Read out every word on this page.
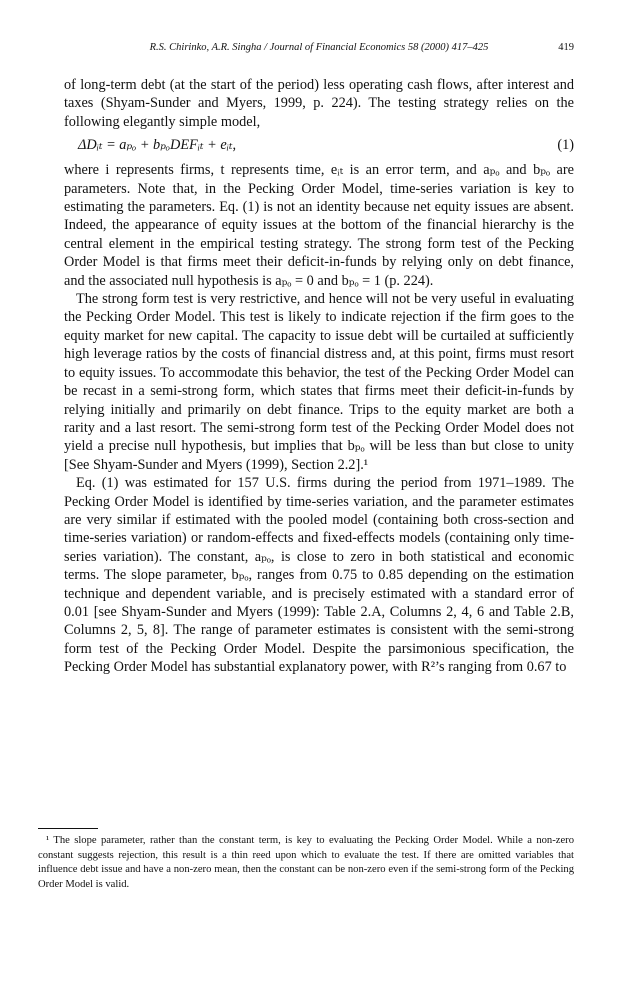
R.S. Chirinko, A.R. Singha / Journal of Financial Economics 58 (2000) 417–425	419

of long-term debt (at the start of the period) less operating cash flows, after interest and taxes (Shyam-Sunder and Myers, 1999, p. 224). The testing strategy relies on the following elegantly simple model,

ΔDᵢₜ = aₚₒ + bₚₒDEFᵢₜ + eᵢₜ,	(1)

where i represents firms, t represents time, eᵢₜ is an error term, and aₚₒ and bₚₒ are parameters. Note that, in the Pecking Order Model, time-series variation is key to estimating the parameters. Eq. (1) is not an identity because net equity issues are absent. Indeed, the appearance of equity issues at the bottom of the financial hierarchy is the central element in the empirical testing strategy. The strong form test of the Pecking Order Model is that firms meet their deficit-in-funds by relying only on debt finance, and the associated null hypothesis is aₚₒ = 0 and bₚₒ = 1 (p. 224).

The strong form test is very restrictive, and hence will not be very useful in evaluating the Pecking Order Model. This test is likely to indicate rejection if the firm goes to the equity market for new capital. The capacity to issue debt will be curtailed at sufficiently high leverage ratios by the costs of financial distress and, at this point, firms must resort to equity issues. To accommodate this behavior, the test of the Pecking Order Model can be recast in a semi-strong form, which states that firms meet their deficit-in-funds by relying initially and primarily on debt finance. Trips to the equity market are both a rarity and a last resort. The semi-strong form test of the Pecking Order Model does not yield a precise null hypothesis, but implies that bₚₒ will be less than but close to unity [See Shyam-Sunder and Myers (1999), Section 2.2].¹

Eq. (1) was estimated for 157 U.S. firms during the period from 1971–1989. The Pecking Order Model is identified by time-series variation, and the parameter estimates are very similar if estimated with the pooled model (containing both cross-section and time-series variation) or random-effects and fixed-effects models (containing only time-series variation). The constant, aₚₒ, is close to zero in both statistical and economic terms. The slope parameter, bₚₒ, ranges from 0.75 to 0.85 depending on the estimation technique and dependent variable, and is precisely estimated with a standard error of 0.01 [see Shyam-Sunder and Myers (1999): Table 2.A, Columns 2, 4, 6 and Table 2.B, Columns 2, 5, 8]. The range of parameter estimates is consistent with the semi-strong form test of the Pecking Order Model. Despite the parsimonious specification, the Pecking Order Model has substantial explanatory power, with R²’s ranging from 0.67 to

¹ The slope parameter, rather than the constant term, is key to evaluating the Pecking Order Model. While a non-zero constant suggests rejection, this result is a thin reed upon which to evaluate the test. If there are omitted variables that influence debt issue and have a non-zero mean, then the constant can be non-zero even if the semi-strong form of the Pecking Order Model is valid.
